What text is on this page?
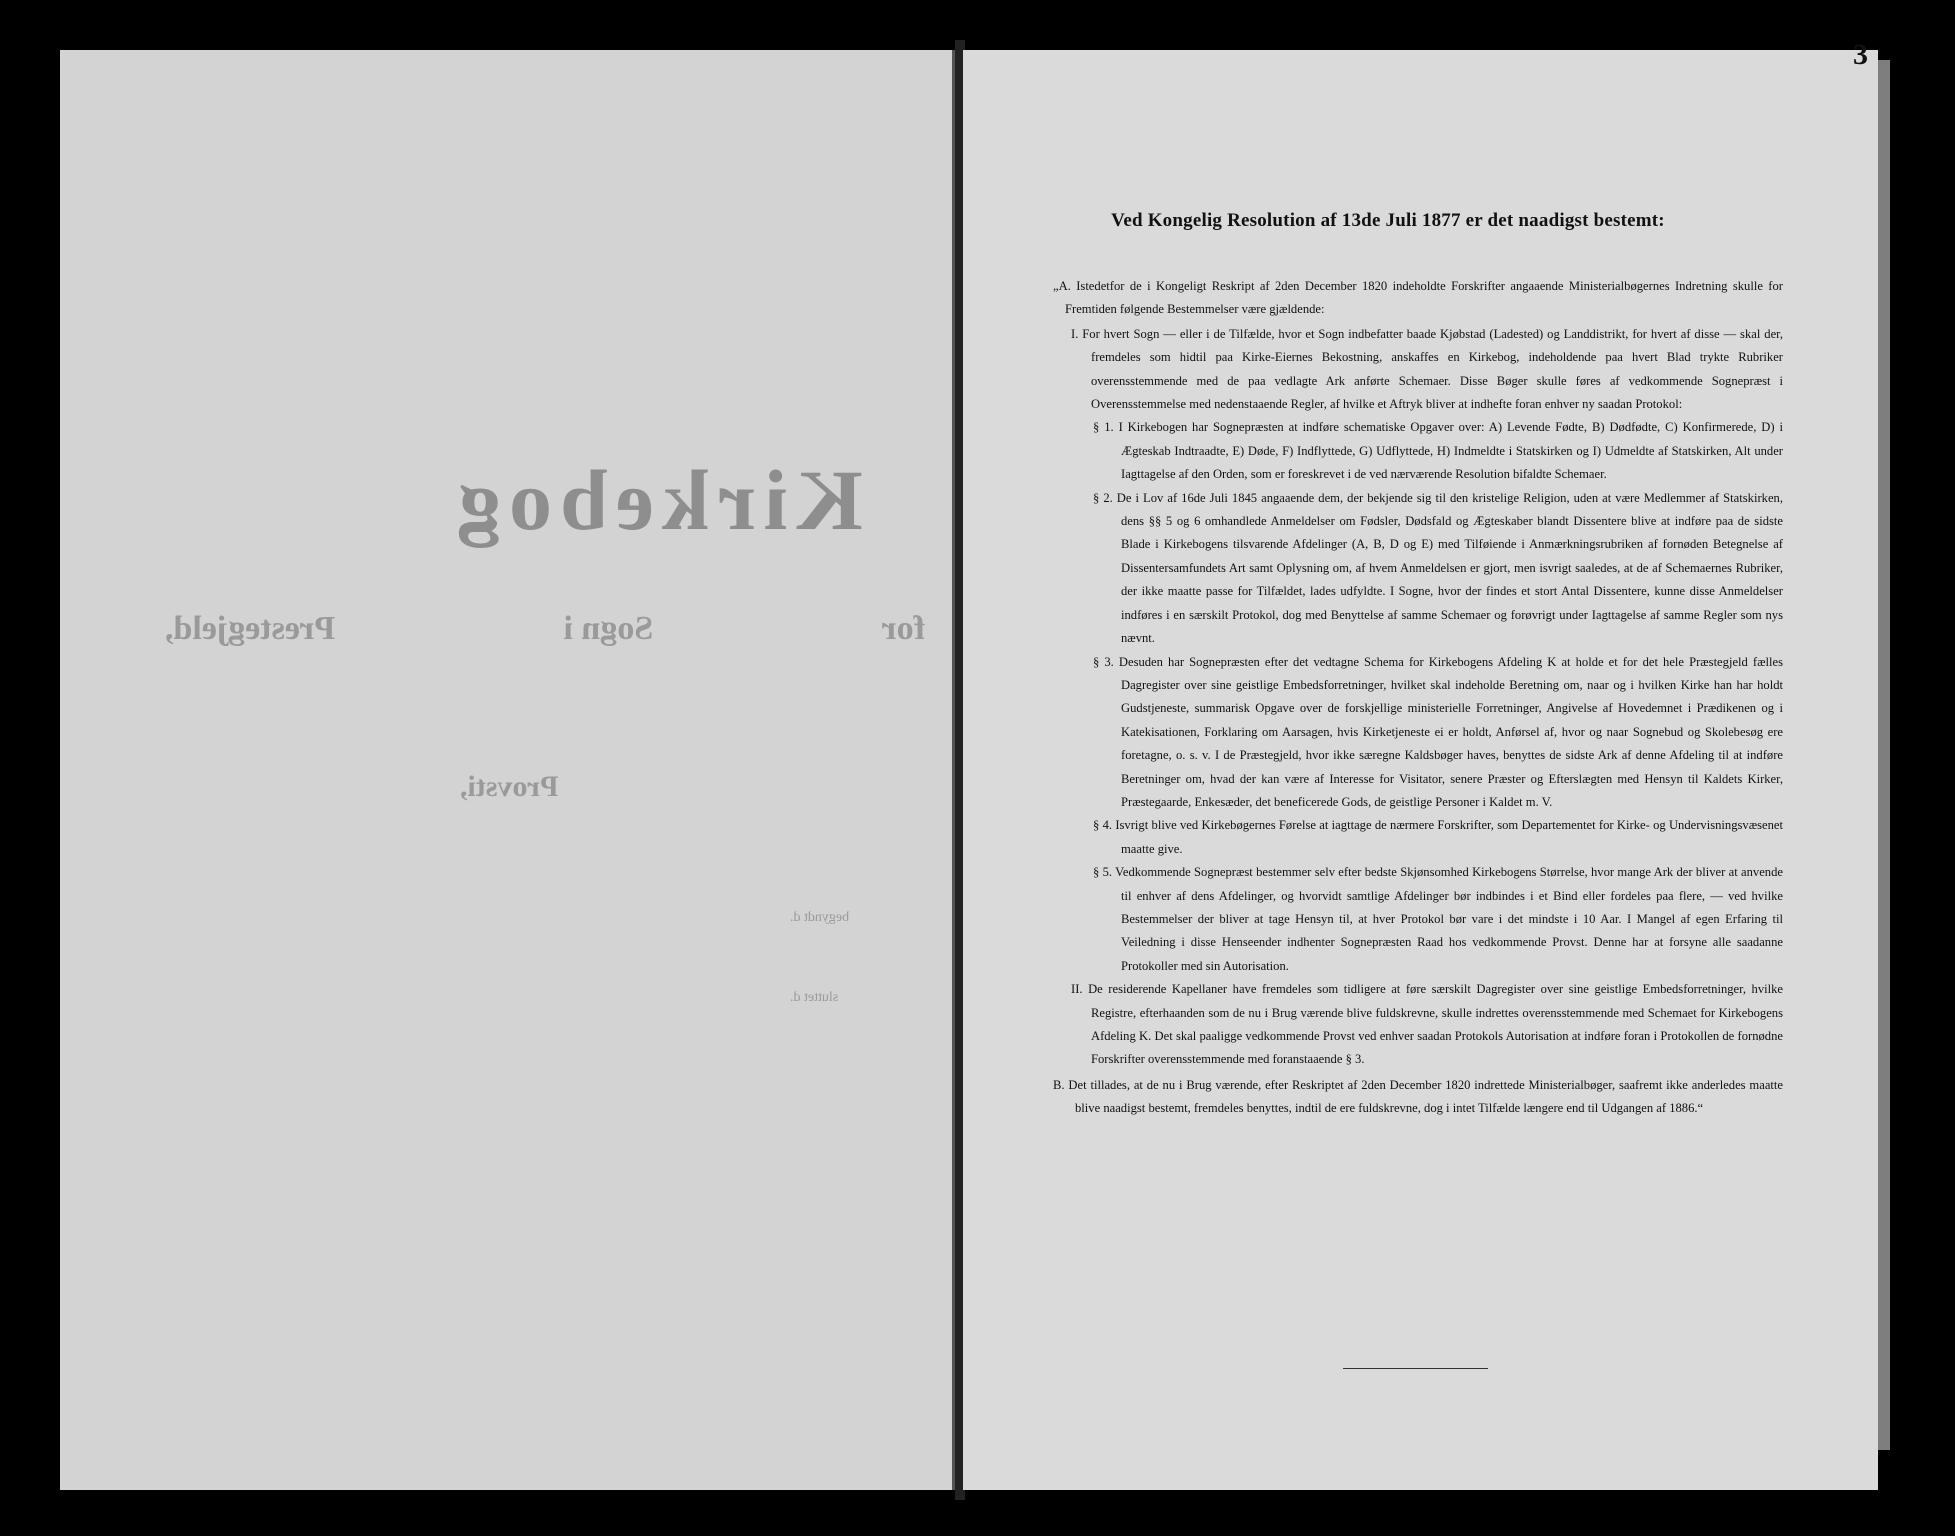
Kirkebog
for
Sogn i
Prestegjeld,
Provsti,
begyndt d.
sluttet d.
3
Ved Kongelig Resolution af 13de Juli 1877 er det naadigst bestemt:

„A. Istedetfor de i Kongeligt Reskript af 2den December 1820 indeholdte Forskrifter angaaende Ministerialbøgernes Indretning skulle for Fremtiden følgende Bestemmelser være gjældende:

I. For hvert Sogn — eller i de Tilfælde, hvor et Sogn indbefatter baade Kjøbstad (Ladested) og Landdistrikt, for hvert af disse — skal der, fremdeles som hidtil paa Kirke-Eiernes Bekostning, anskaffes en Kirkebog, indeholdende paa hvert Blad trykte Rubriker overensstemmende med de paa vedlagte Ark anførte Schemaer. Disse Bøger skulle føres af vedkommende Sognepræst i Overensstemmelse med nedenstaaende Regler, af hvilke et Aftryk bliver at indhefte foran enhver ny saadan Protokol:

§ 1. I Kirkebogen har Sognepræsten at indføre schematiske Opgaver over: A) Levende Fødte, B) Dødfødte, C) Konfirmerede, D) i Ægteskab Indtraadte, E) Døde, F) Indflyttede, G) Udflyttede, H) Indmeldte i Statskirken og I) Udmeldte af Statskirken, Alt under Iagttagelse af den Orden, som er foreskrevet i de ved nærværende Resolution bifaldte Schemaer.

§ 2. De i Lov af 16de Juli 1845 angaaende dem, der bekjende sig til den kristelige Religion, uden at være Medlemmer af Statskirken, dens §§ 5 og 6 omhandlede Anmeldelser om Fødsler, Dødsfald og Ægteskaber blandt Dissentere blive at indføre paa de sidste Blade i Kirkebogens tilsvarende Afdelinger (A, B, D og E) med Tilføiende i Anmærkningsrubriken af fornøden Betegnelse af Dissentersamfundets Art samt Oplysning om, af hvem Anmeldelsen er gjort, men isvrigt saaledes, at de af Schemaernes Rubriker, der ikke maatte passe for Tilfældet, lades udfyldte. I Sogne, hvor der findes et stort Antal Dissentere, kunne disse Anmeldelser indføres i en særskilt Protokol, dog med Benyttelse af samme Schemaer og forøvrigt under Iagttagelse af samme Regler som nys nævnt.

§ 3. Desuden har Sognepræsten efter det vedtagne Schema for Kirkebogens Afdeling K at holde et for det hele Præstegjeld fælles Dagregister over sine geistlige Embedsforretninger, hvilket skal indeholde Beretning om, naar og i hvilken Kirke han har holdt Gudstjeneste, summarisk Opgave over de forskjellige ministerielle Forretninger, Angivelse af Hovedemnet i Prædikenen og i Katekisationen, Forklaring om Aarsagen, hvis Kirketjeneste ei er holdt, Anførsel af, hvor og naar Sognebud og Skolebesøg ere foretagne, o. s. v. I de Præstegjeld, hvor ikke særegne Kaldsbøger haves, benyttes de sidste Ark af denne Afdeling til at indføre Beretninger om, hvad der kan være af Interesse for Visitator, senere Præster og Efterslægten med Hensyn til Kaldets Kirker, Præstegaarde, Enkesæder, det beneficerede Gods, de geistlige Personer i Kaldet m. V.

§ 4. Isvrigt blive ved Kirkebøgernes Førelse at iagttage de nærmere Forskrifter, som Departementet for Kirke- og Undervisningsvæsenet maatte give.

§ 5. Vedkommende Sognepræst bestemmer selv efter bedste Skjønsomhed Kirkebogens Størrelse, hvor mange Ark der bliver at anvende til enhver af dens Afdelinger, og hvorvidt samtlige Afdelinger bør indbindes i et Bind eller fordeles paa flere, — ved hvilke Bestemmelser der bliver at tage Hensyn til, at hver Protokol bør vare i det mindste i 10 Aar. I Mangel af egen Erfaring til Veiledning i disse Henseender indhenter Sognepræsten Raad hos vedkommende Provst. Denne har at forsyne alle saadanne Protokoller med sin Autorisation.

II. De residerende Kapellaner have fremdeles som tidligere at føre særskilt Dagregister over sine geistlige Embedsforretninger, hvilke Registre, efterhaanden som de nu i Brug værende blive fuldskrevne, skulle indrettes overensstemmende med Schemaet for Kirkebogens Afdeling K. Det skal paaligge vedkommende Provst ved enhver saadan Protokols Autorisation at indføre foran i Protokollen de fornødne Forskrifter overensstemmende med foranstaaende § 3.

B. Det tillades, at de nu i Brug værende, efter Reskriptet af 2den December 1820 indrettede Ministerialbøger, saafremt ikke anderledes maatte blive naadigst bestemt, fremdeles benyttes, indtil de ere fuldskrevne, dog i intet Tilfælde længere end til Udgangen af 1886.“
